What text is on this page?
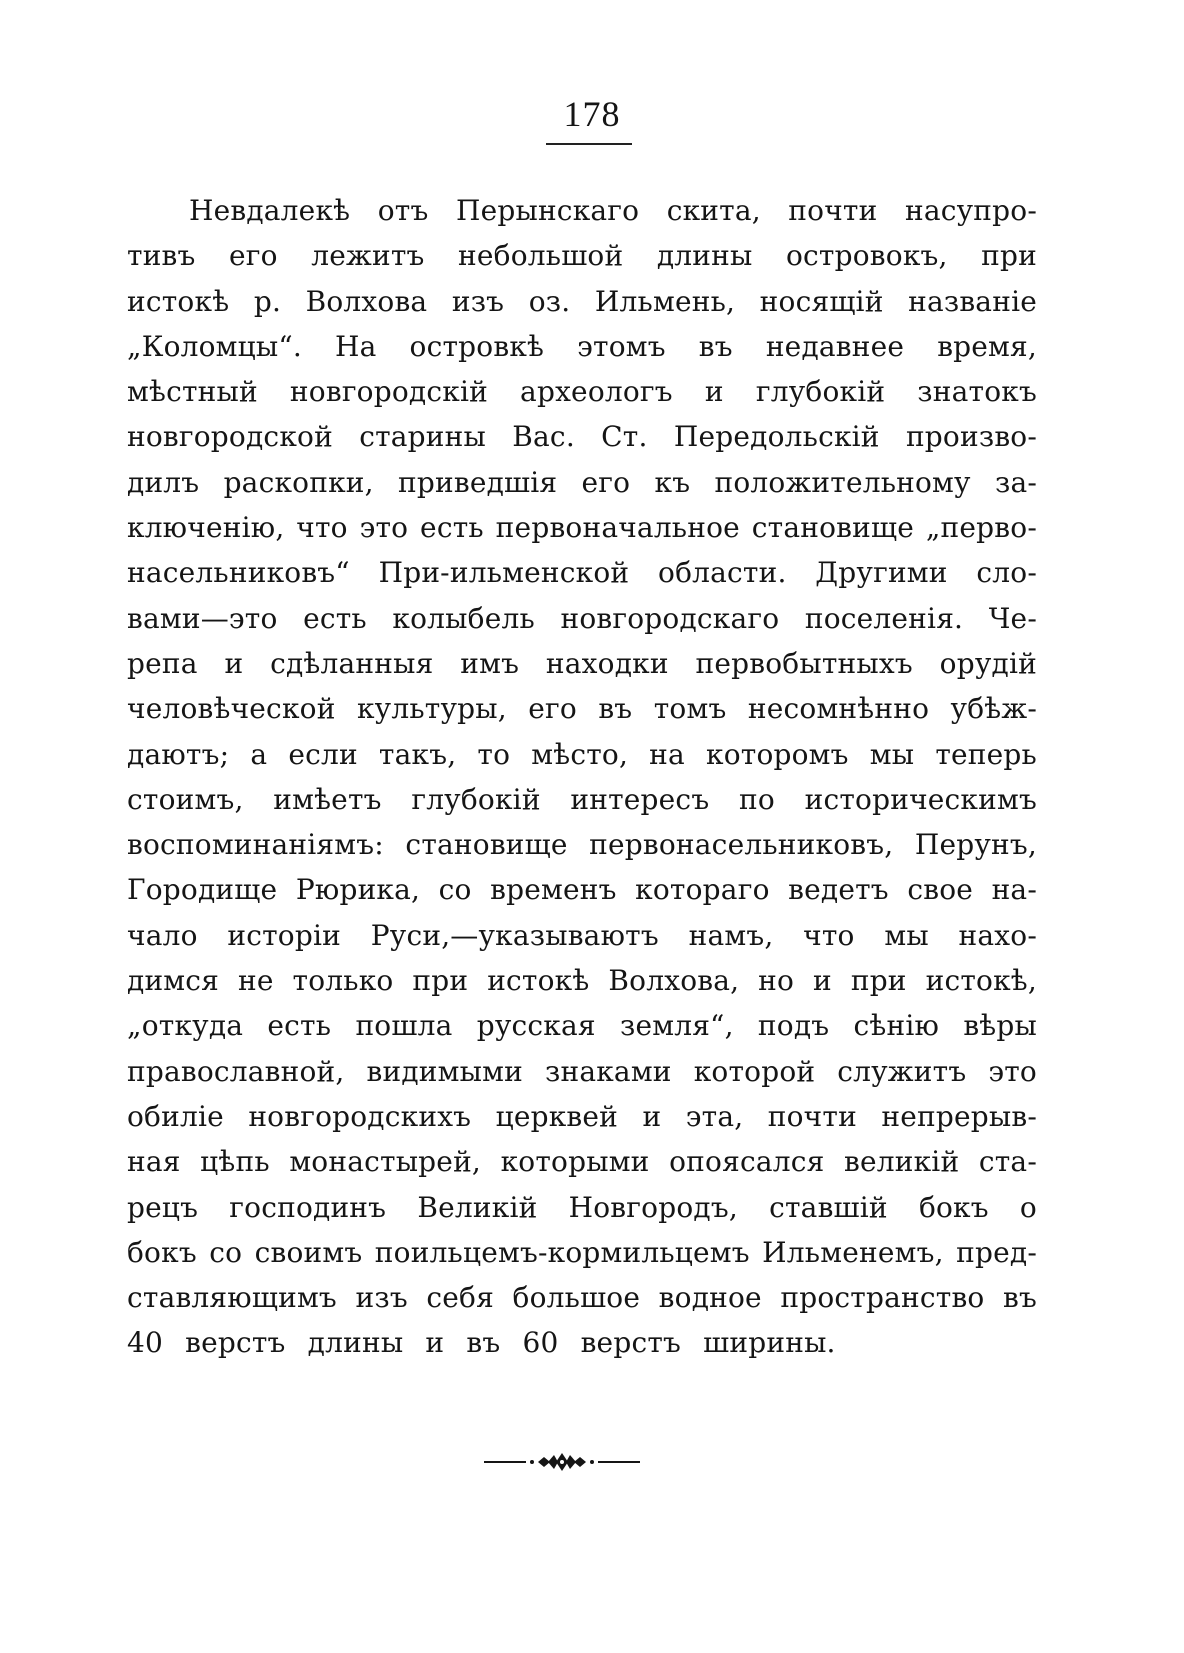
178
Невдалекѣ отъ Перынскаго скита, почти насупро-
тивъ его лежитъ небольшой длины островокъ, при
истокѣ р. Волхова изъ оз. Ильмень, носящій названіе
„Коломцы“. На островкѣ этомъ въ недавнее время,
мѣстный новгородскій археологъ и глубокій знатокъ
новгородской старины Вас. Ст. Передольскій произво-
дилъ раскопки, приведшія его къ положительному за-
ключенію, что это есть первоначальное становище „перво-
насельниковъ“ При-ильменской области. Другими сло-
вами—это есть колыбель новгородскаго поселенія. Че-
репа и сдѣланныя имъ находки первобытныхъ орудій
человѣческой культуры, его въ томъ несомнѣнно убѣж-
даютъ; а если такъ, то мѣсто, на которомъ мы теперь
стоимъ, имѣетъ глубокій интересъ по историческимъ
воспоминаніямъ: становище первонасельниковъ, Перунъ,
Городище Рюрика, со временъ котораго ведетъ свое на-
чало исторіи Руси,—указываютъ намъ, что мы нахо-
димся не только при истокѣ Волхова, но и при истокѣ,
„откуда есть пошла русская земля“, подъ сѣнію вѣры
православной, видимыми знаками которой служитъ это
обиліе новгородскихъ церквей и эта, почти непрерыв-
ная цѣпь монастырей, которыми опоясался великій ста-
рецъ господинъ Великій Новгородъ, ставшій бокъ о
бокъ со своимъ поильцемъ-кормильцемъ Ильменемъ, пред-
ставляющимъ изъ себя большое водное пространство въ
40 верстъ длины и въ 60 верстъ ширины.
